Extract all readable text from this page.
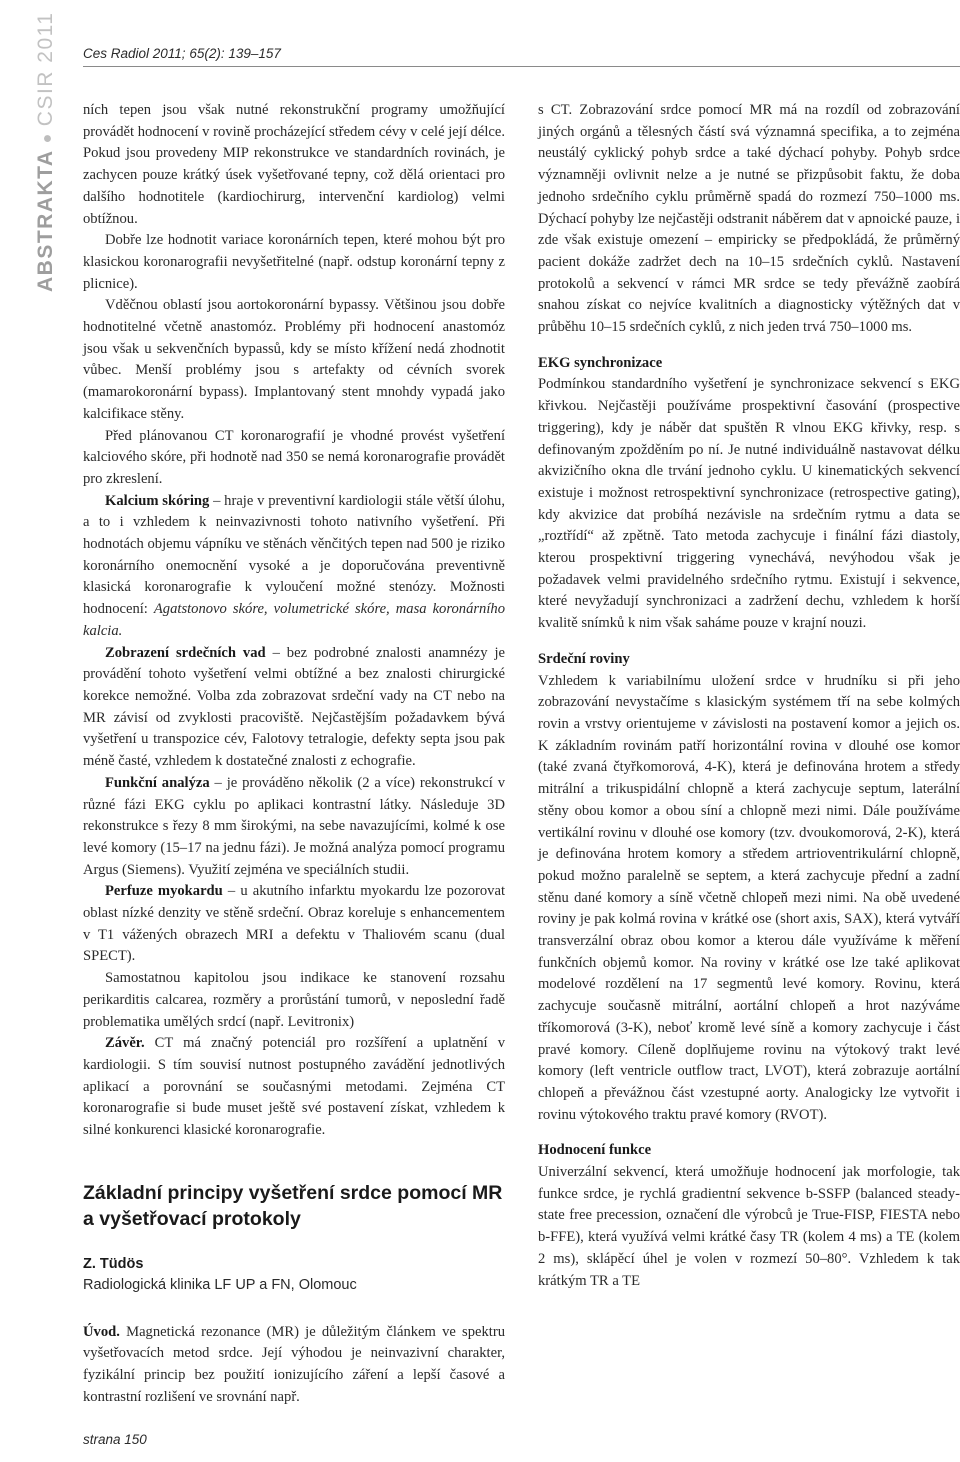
Ces Radiol 2011; 65(2): 139–157
ABSTRAKTA●CSIR 2011 ních tepen jsou však nutné rekonstrukční programy umožňující provádět hodnocení v rovině procházející středem cévy v celé její délce. Pokud jsou provedeny MIP rekonstrukce ve standardních rovinách, je zachycen pouze krátký úsek vyšetřované tepny, což dělá orientaci pro dalšího hodnotitele (kardiochirurg, intervenční kardiolog) velmi obtížnou.

Dobře lze hodnotit variace koronárních tepen, které mohou být pro klasickou koronarografii nevyšetřitelné (např. odstup koronární tepny z plicnice).

Vděčnou oblastí jsou aortokoronární bypassy. Většinou jsou dobře hodnotitelné včetně anastomóz. Problémy při hodnocení anastomóz jsou však u sekvenčních bypassů, kdy se místo křížení nedá zhodnotit vůbec. Menší problémy jsou s artefakty od cévních svorek (mamarokoronární bypass). Implantovaný stent mnohdy vypadá jako kalcifikace stěny.

Před plánovanou CT koronarografií je vhodné provést vyšetření kalciového skóre, při hodnotě nad 350 se nemá koronarografie provádět pro zkreslení.

Kalcium skóring – hraje v preventivní kardiologii stále větší úlohu, a to i vzhledem k neinvazivnosti tohoto nativního vyšetření. Při hodnotách objemu vápníku ve stěnách věnčitých tepen nad 500 je riziko koronárního onemocnění vysoké a je doporučována preventivně klasická koronarografie k vyloučení možné stenózy. Možnosti hodnocení: Agatstonovo skóre, volumetrické skóre, masa koronárního kalcia.

Zobrazení srdečních vad – bez podrobné znalosti anamnézy je provádění tohoto vyšetření velmi obtížné a bez znalosti chirurgické korekce nemožné. Volba zda zobrazovat srdeční vady na CT nebo na MR závisí od zvyklosti pracoviště. Nejčastějším požadavkem bývá vyšetření u transpozice cév, Falotovy tetralogie, defekty septa jsou pak méně časté, vzhledem k dostatečné znalosti z echografie.

Funkční analýza – je prováděno několik (2 a více) rekonstrukcí v různé fázi EKG cyklu po aplikaci kontrastní látky. Následuje 3D rekonstrukce s řezy 8 mm širokými, na sebe navazujícími, kolmé k ose levé komory (15–17 na jednu fázi). Je možná analýza pomocí programu Argus (Siemens). Využití zejména ve speciálních studii.

Perfuze myokardu – u akutního infarktu myokardu lze pozorovat oblast nízké denzity ve stěně srdeční. Obraz koreluje s enhancementem v T1 vážených obrazech MRI a defektu v Thaliovém scanu (dual SPECT).

Samostatnou kapitolou jsou indikace ke stanovení rozsahu perikarditis calcarea, rozměry a prorůstání tumorů, v neposlední řadě problematika umělých srdcí (např. Levitronix)

Závěr. CT má značný potenciál pro rozšíření a uplatnění v kardiologii. S tím souvisí nutnost postupného zavádění jednotlivých aplikací a porovnání se současnými metodami. Zejména CT koronarografie si bude muset ještě své postavení získat, vzhledem k silné konkurenci klasické koronarografie.

Základní principy vyšetření srdce pomocí MR a vyšetřovací protokoly
Z. Tüdös
Radiologická klinika LF UP a FN, Olomouc

Úvod. Magnetická rezonance (MR) je důležitým článkem ve spektru vyšetřovacích metod srdce. Její výhodou je neinvazivní charakter, fyzikální princip bez použití ionizujícího záření a lepší časové a kontrastní rozlišení ve srovnání např.

s CT. Zobrazování srdce pomocí MR má na rozdíl od zobrazování jiných orgánů a tělesných částí svá významná specifika, a to zejména neustálý cyklický pohyb srdce a také dýchací pohyby. Pohyb srdce významněji ovlivnit nelze a je nutné se přizpůsobit faktu, že doba jednoho srdečního cyklu průměrně spadá do rozmezí 750–1000 ms. Dýchací pohyby lze nejčastěji odstranit náběrem dat v apnoické pauze, i zde však existuje omezení – empiricky se předpokládá, že průměrný pacient dokáže zadržet dech na 10–15 srdečních cyklů. Nastavení protokolů a sekvencí v rámci MR srdce se tedy převážně zaobírá snahou získat co nejvíce kvalitních a diagnosticky výtěžných dat v průběhu 10–15 srdečních cyklů, z nich jeden trvá 750–1000 ms.

EKG synchronizace

Podmínkou standardního vyšetření je synchronizace sekvencí s EKG křivkou. Nejčastěji používáme prospektivní časování (prospective triggering), kdy je náběr dat spuštěn R vlnou EKG křivky, resp. s definovaným zpožděním po ní. Je nutné individuálně nastavovat délku akvizičního okna dle trvání jednoho cyklu. U kinematických sekvencí existuje i možnost retrospektivní synchronizace (retrospective gating), kdy akvizice dat probíhá nezávisle na srdečním rytmu a data se „roztřídí“ až zpětně. Tato metoda zachycuje i finální fázi diastoly, kterou prospektivní triggering vynechává, nevýhodou však je požadavek velmi pravidelného srdečního rytmu. Existují i sekvence, které nevyžadují synchronizaci a zadržení dechu, vzhledem k horší kvalitě snímků k nim však saháme pouze v krajní nouzi.

Srdeční roviny

Vzhledem k variabilnímu uložení srdce v hrudníku si při jeho zobrazování nevystačíme s klasickým systémem tří na sebe kolmých rovin a vrstvy orientujeme v závislosti na postavení komor a jejich os. K základním rovinám patří horizontální rovina v dlouhé ose komor (také zvaná čtyřkomorová, 4-K), která je definována hrotem a středy mitrální a trikuspidální chlopně a která zachycuje septum, laterální stěny obou komor a obou síní a chlopně mezi nimi. Dále používáme vertikální rovinu v dlouhé ose komory (tzv. dvoukomorová, 2-K), která je definována hrotem komory a středem artrioventrikulární chlopně, pokud možno paralelně se septem, a která zachycuje přední a zadní stěnu dané komory a síně včetně chlopeň mezi nimi. Na obě uvedené roviny je pak kolmá rovina v krátké ose (short axis, SAX), která vytváří transverzální obraz obou komor a kterou dále využíváme k měření funkčních objemů komor. Na roviny v krátké ose lze také aplikovat modelové rozdělení na 17 segmentů levé komory. Rovinu, která zachycuje současně mitrální, aortální chlopeň a hrot nazýváme tříkomorová (3-K), neboť kromě levé síně a komory zachycuje i část pravé komory. Cíleně doplňujeme rovinu na výtokový trakt levé komory (left ventricle outflow tract, LVOT), která zobrazuje aortální chlopeň a převážnou část vzestupné aorty. Analogicky lze vytvořit i rovinu výtokového traktu pravé komory (RVOT).

Hodnocení funkce

Univerzální sekvencí, která umožňuje hodnocení jak morfologie, tak funkce srdce, je rychlá gradientní sekvence b-SSFP (balanced steady-state free precession, označení dle výrobců je True-FISP, FIESTA nebo b-FFE), která využívá velmi krátké časy TR (kolem 4 ms) a TE (kolem 2 ms), sklápěcí úhel je volen v rozmezí 50–80°. Vzhledem k tak krátkým TR a TE

strana 150
